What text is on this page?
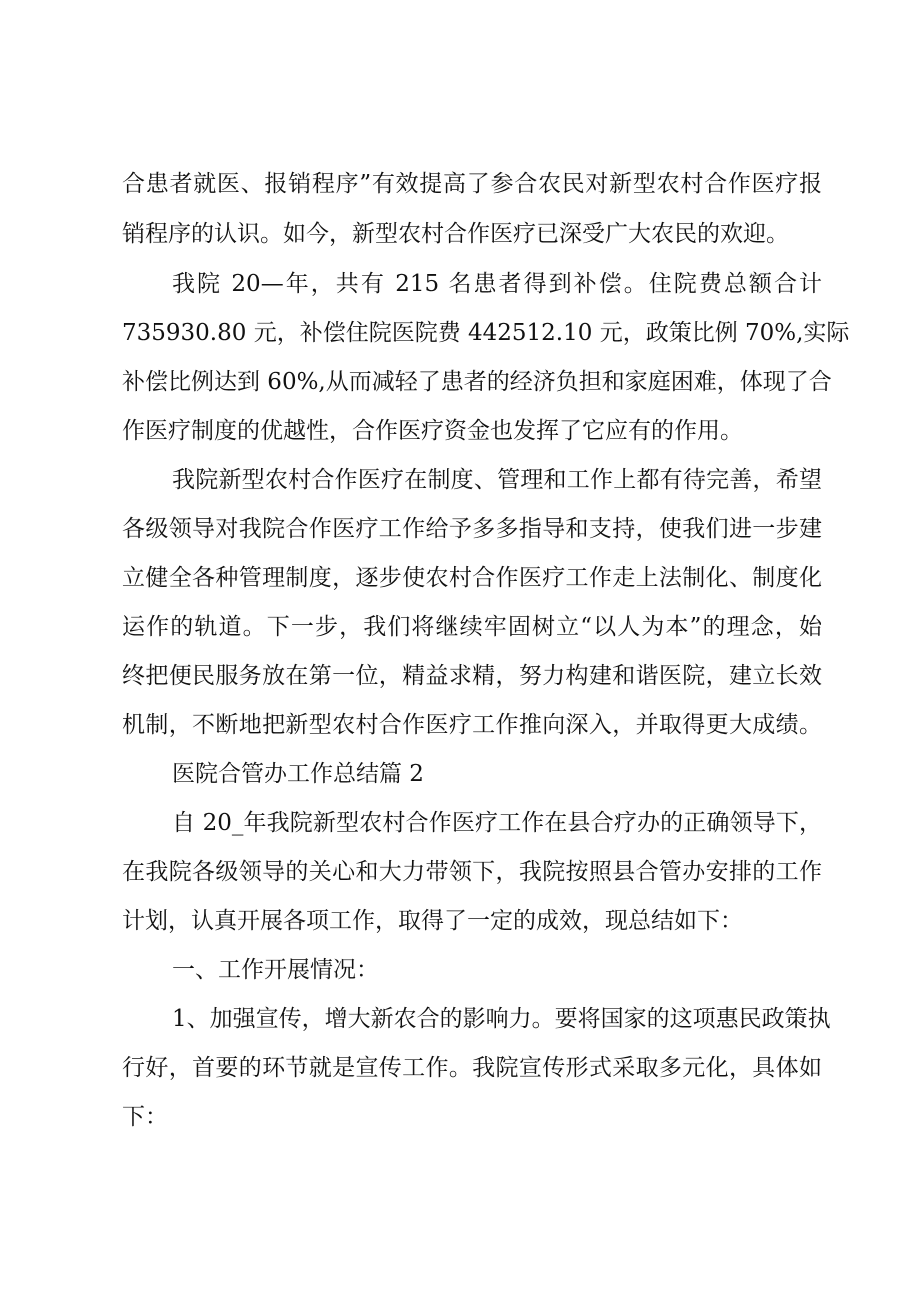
合患者就医、报销程序”有效提高了参合农民对新型农村合作医疗报
销程序的认识。如今，新型农村合作医疗已深受广大农民的欢迎。
我院 20—年，共有 215 名患者得到补偿。住院费总额合计
735930.80 元，补偿住院医院费 442512.10 元，政策比例 70%,实际
补偿比例达到 60%,从而减轻了患者的经济负担和家庭困难，体现了合
作医疗制度的优越性，合作医疗资金也发挥了它应有的作用。
我院新型农村合作医疗在制度、管理和工作上都有待完善，希望
各级领导对我院合作医疗工作给予多多指导和支持，使我们进一步建
立健全各种管理制度，逐步使农村合作医疗工作走上法制化、制度化
运作的轨道。下一步，我们将继续牢固树立“以人为本”的理念，始
终把便民服务放在第一位，精益求精，努力构建和谐医院，建立长效
机制，不断地把新型农村合作医疗工作推向深入，并取得更大成绩。
医院合管办工作总结篇 2
自 20_年我院新型农村合作医疗工作在县合疗办的正确领导下，
在我院各级领导的关心和大力带领下，我院按照县合管办安排的工作
计划，认真开展各项工作，取得了一定的成效，现总结如下：
一、工作开展情况：
1、加强宣传，增大新农合的影响力。要将国家的这项惠民政策执
行好，首要的环节就是宣传工作。我院宣传形式采取多元化，具体如
下：
